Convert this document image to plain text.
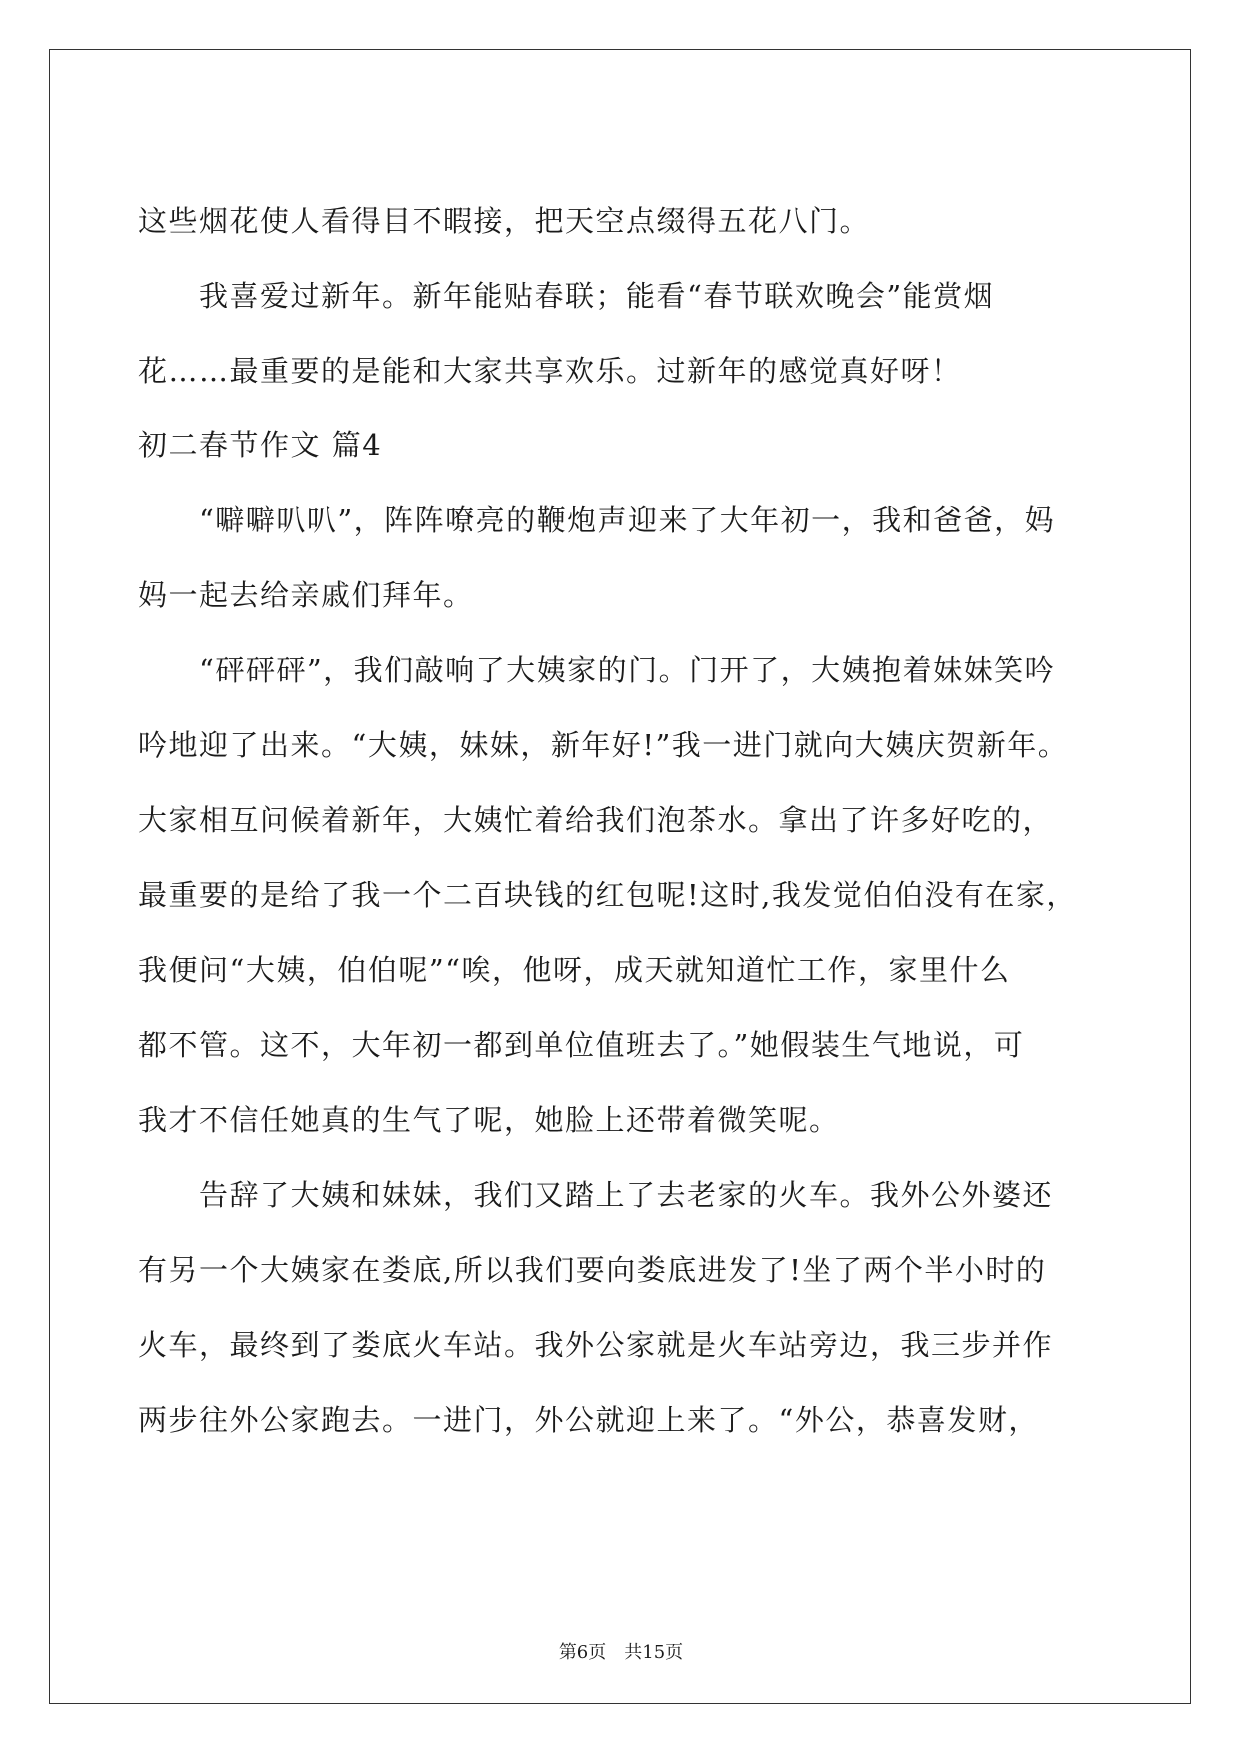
这些烟花使人看得目不暇接，把天空点缀得五花八门。
我喜爱过新年。新年能贴春联；能看“春节联欢晚会”能赏烟
花……最重要的是能和大家共享欢乐。过新年的感觉真好呀！
初二春节作文 篇4
“噼噼叭叭”，阵阵嘹亮的鞭炮声迎来了大年初一，我和爸爸，妈
妈一起去给亲戚们拜年。
“砰砰砰”，我们敲响了大姨家的门。门开了，大姨抱着妹妹笑吟
吟地迎了出来。“大姨，妹妹，新年好!”我一进门就向大姨庆贺新年。
大家相互问候着新年，大姨忙着给我们泡茶水。拿出了许多好吃的，
最重要的是给了我一个二百块钱的红包呢!这时,我发觉伯伯没有在家，
我便问“大姨，伯伯呢”“唉，他呀，成天就知道忙工作，家里什么
都不管。这不，大年初一都到单位值班去了。”她假装生气地说，可
我才不信任她真的生气了呢，她脸上还带着微笑呢。
告辞了大姨和妹妹，我们又踏上了去老家的火车。我外公外婆还
有另一个大姨家在娄底,所以我们要向娄底进发了!坐了两个半小时的
火车，最终到了娄底火车站。我外公家就是火车站旁边，我三步并作
两步往外公家跑去。一进门，外公就迎上来了。“外公，恭喜发财，
第6页 共15页
